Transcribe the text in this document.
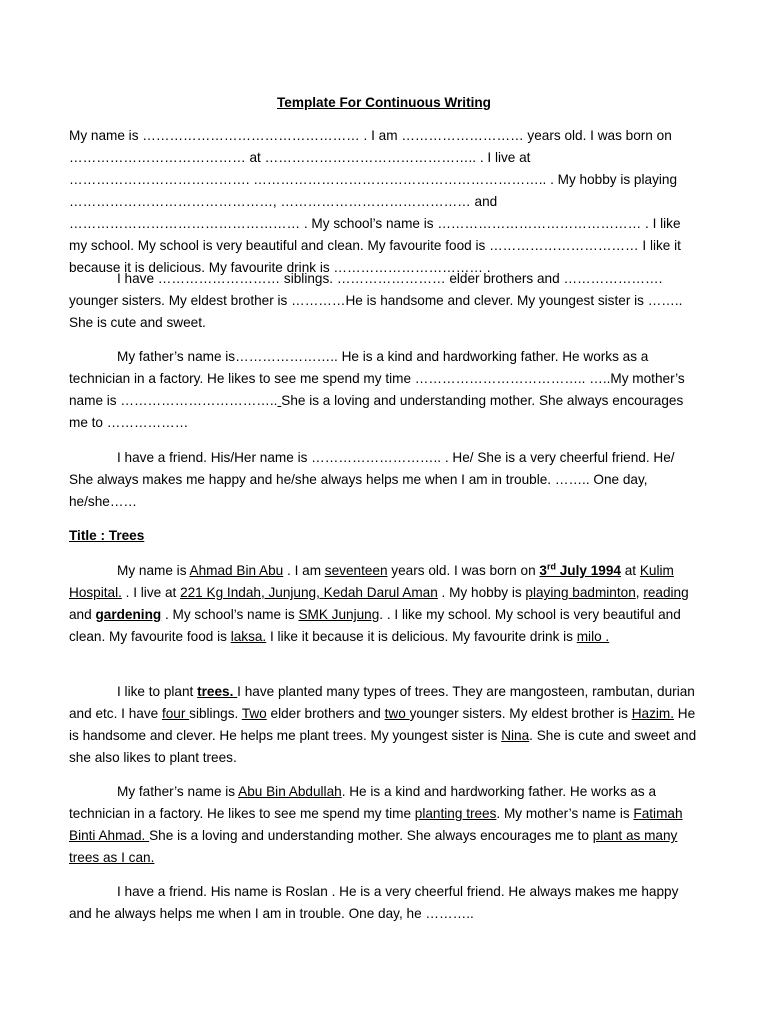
Template For Continuous Writing

My name is ………………………………………… . I am ……………………… years old. I was born on ………………………………… at ……………………………………….. . I live at …………………………………. ……………………………………………………….. . My hobby is playing ………………………………………, …………………………………… and …………………………………………… . My school’s name is ……………………………………… . I like my school. My school is very beautiful and clean. My favourite food is …………………………… I like it because it is delicious. My favourite drink is …………………………… .

I have ……………………… siblings. …………………… elder brothers and …………………. younger sisters. My eldest brother is …………He is handsome and clever. My youngest sister is …….. She is cute and sweet.

My father’s name is………………….. He is a kind and hardworking father. He works as a technician in a factory. He likes to see me spend my time ……………………………….. …..My mother’s name is …………………………….. She is a loving and understanding mother. She always encourages me to ………………

I have a friend. His/Her name is ……………………….. . He/ She is a very cheerful friend. He/ She always makes me happy and he/she always helps me when I am in trouble. …….. One day, he/she……

Title : Trees

My name is Ahmad Bin Abu . I am seventeen years old. I was born on 3rd July 1994 at Kulim Hospital. . I live at 221 Kg Indah, Junjung, Kedah Darul Aman . My hobby is playing badminton, reading and gardening . My school’s name is SMK Junjung. . I like my school. My school is very beautiful and clean. My favourite food is laksa. I like it because it is delicious. My favourite drink is milo .

I like to plant trees. I have planted many types of trees. They are mangosteen, rambutan, durian and etc. I have four siblings. Two elder brothers and two younger sisters. My eldest brother is Hazim. He is handsome and clever. He helps me plant trees. My youngest sister is Nina. She is cute and sweet and she also likes to plant trees.

My father’s name is Abu Bin Abdullah. He is a kind and hardworking father. He works as a technician in a factory. He likes to see me spend my time planting trees. My mother’s name is Fatimah Binti Ahmad. She is a loving and understanding mother. She always encourages me to plant as many trees as I can.

I have a friend. His name is Roslan . He is a very cheerful friend. He always makes me happy and he always helps me when I am in trouble. One day, he ………..
